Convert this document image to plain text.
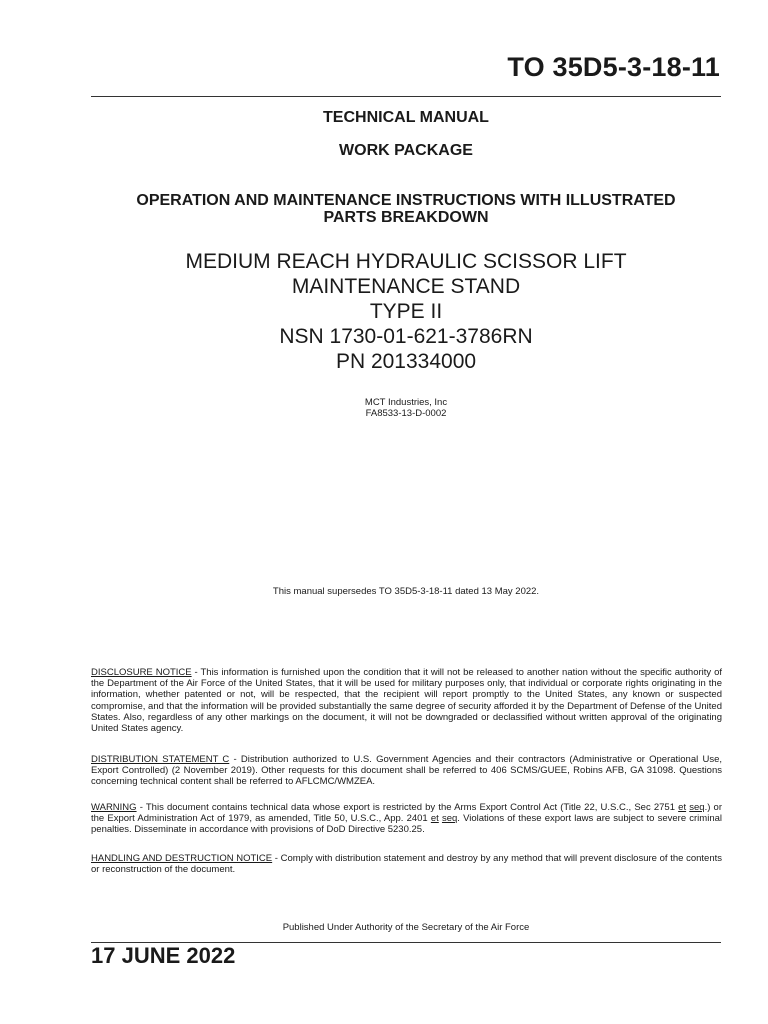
TO 35D5-3-18-11
TECHNICAL MANUAL
WORK PACKAGE
OPERATION AND MAINTENANCE INSTRUCTIONS WITH ILLUSTRATED
PARTS BREAKDOWN
MEDIUM REACH HYDRAULIC SCISSOR LIFT
MAINTENANCE STAND
TYPE II
NSN 1730-01-621-3786RN
PN 201334000
MCT Industries, Inc
FA8533-13-D-0002
This manual supersedes TO 35D5-3-18-11 dated 13 May 2022.
DISCLOSURE NOTICE - This information is furnished upon the condition that it will not be released to another nation without the specific authority of the Department of the Air Force of the United States, that it will be used for military purposes only, that individual or corporate rights originating in the information, whether patented or not, will be respected, that the recipient will report promptly to the United States, any known or suspected compromise, and that the information will be provided substantially the same degree of security afforded it by the Department of Defense of the United States. Also, regardless of any other markings on the document, it will not be downgraded or declassified without written approval of the originating United States agency.
DISTRIBUTION STATEMENT C - Distribution authorized to U.S. Government Agencies and their contractors (Administrative or Operational Use, Export Controlled) (2 November 2019). Other requests for this document shall be referred to 406 SCMS/GUEE, Robins AFB, GA 31098. Questions concerning technical content shall be referred to AFLCMC/WMZEA.
WARNING - This document contains technical data whose export is restricted by the Arms Export Control Act (Title 22, U.S.C., Sec 2751 et seq.) or the Export Administration Act of 1979, as amended, Title 50, U.S.C., App. 2401 et seq. Violations of these export laws are subject to severe criminal penalties. Disseminate in accordance with provisions of DoD Directive 5230.25.
HANDLING AND DESTRUCTION NOTICE - Comply with distribution statement and destroy by any method that will prevent disclosure of the contents or reconstruction of the document.
Published Under Authority of the Secretary of the Air Force
17 JUNE 2022
